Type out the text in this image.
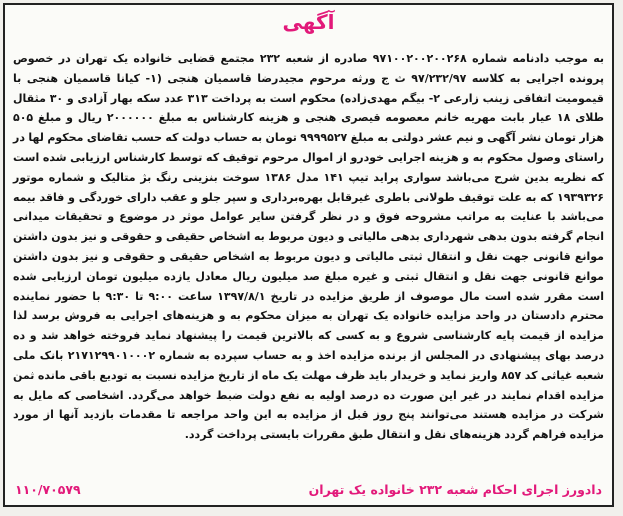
آگهی
به موجب دادنامه شماره ۹۷۱۰۰۲۰۰۲۰۰۲۶۸ صادره از شعبه ۲۳۲ مجتمع قضایی خانواده یک تهران در خصوص پرونده اجرایی به کلاسه ۹۷/۲۳۲/۹۷ ث ج ورثه مرحوم مجیدرضا قاسمیان هنجی (۱- کیانا قاسمیان هنجی با قیمومیت اتفاقی زینب زارعی ۲- بیگم مهدی‌زاده) محکوم است به پرداخت ۳۱۳ عدد سکه بهار آزادی و ۳۰ مثقال طلای ۱۸ عیار بابت مهریه خانم معصومه قیصری هنجی و هزینه کارشناس به مبلغ ۲۰۰۰۰۰۰ ریال و مبلغ ۵۰۵ هزار تومان نشر آگهی و نیم عشر دولتی به مبلغ ۹۹۹۹۵۲۷ تومان به حساب دولت که حسب تقاضای محکوم لها در راستای وصول محکوم به و هزینه اجرایی خودرو از اموال مرحوم توقیف که توسط کارشناس ارزیابی شده است که نظریه بدین شرح می‌باشد سواری پراید تیپ ۱۴۱ مدل ۱۳۸۶ سوخت بنزینی رنگ بژ متالیک و شماره موتور ۱۹۳۹۳۲۶ که به علت توقیف طولانی باطری غیرقابل بهره‌برداری و سپر جلو و عقب دارای خوردگی و فاقد بیمه می‌باشد با عنایت به مراتب مشروحه فوق و در نظر گرفتن سایر عوامل موثر در موضوع و تحقیقات میدانی انجام گرفته بدون بدهی شهرداری بدهی مالیاتی و دیون مربوط به اشخاص حقیقی و حقوقی و نیز بدون داشتن موانع قانونی جهت نقل و انتقال ثبتی مالیاتی و دیون مربوط به اشخاص حقیقی و حقوقی و نیز بدون داشتن موانع قانونی جهت نقل و انتقال ثبتی و غیره مبلغ صد میلیون ریال معادل یازده میلیون تومان ارزیابی شده است مقرر شده است مال موصوف از طریق مزایده در تاریخ ۱۳۹۷/۸/۱ ساعت ۹:۰۰ تا ۹:۳۰ با حضور نماینده محترم دادستان در واحد مزایده خانواده یک تهران به میزان محکوم به و هزینه‌های اجرایی به فروش برسد لذا مزایده از قیمت پایه کارشناسی شروع و به کسی که بالاترین قیمت را پیشنهاد نماید فروخته خواهد شد و ده درصد بهای پیشنهادی در المجلس از برنده مزایده اخذ و به حساب سپرده به شماره ۲۱۷۱۲۹۹۰۱۰۰۰۲ بانک ملی شعبه غیاثی کد ۸۵۷ واریز نماید و خریدار باید ظرف مهلت یک ماه از تاریخ مزایده نسبت به تودیع باقی مانده ثمن مزایده اقدام نمایند در غیر این صورت ده درصد اولیه به نفع دولت ضبط خواهد می‌گردد. اشخاصی که مایل به شرکت در مزایده هستند می‌توانند پنج روز قبل از مزایده به این واحد مراجعه تا مقدمات بازدید آنها از مورد مزایده فراهم گردد هزینه‌های نقل و انتقال طبق مقررات بایستی پرداخت گردد.
۱۱۰/۷۰۵۷۹	دادورز اجرای احکام شعبه ۲۳۲ خانواده یک تهران
